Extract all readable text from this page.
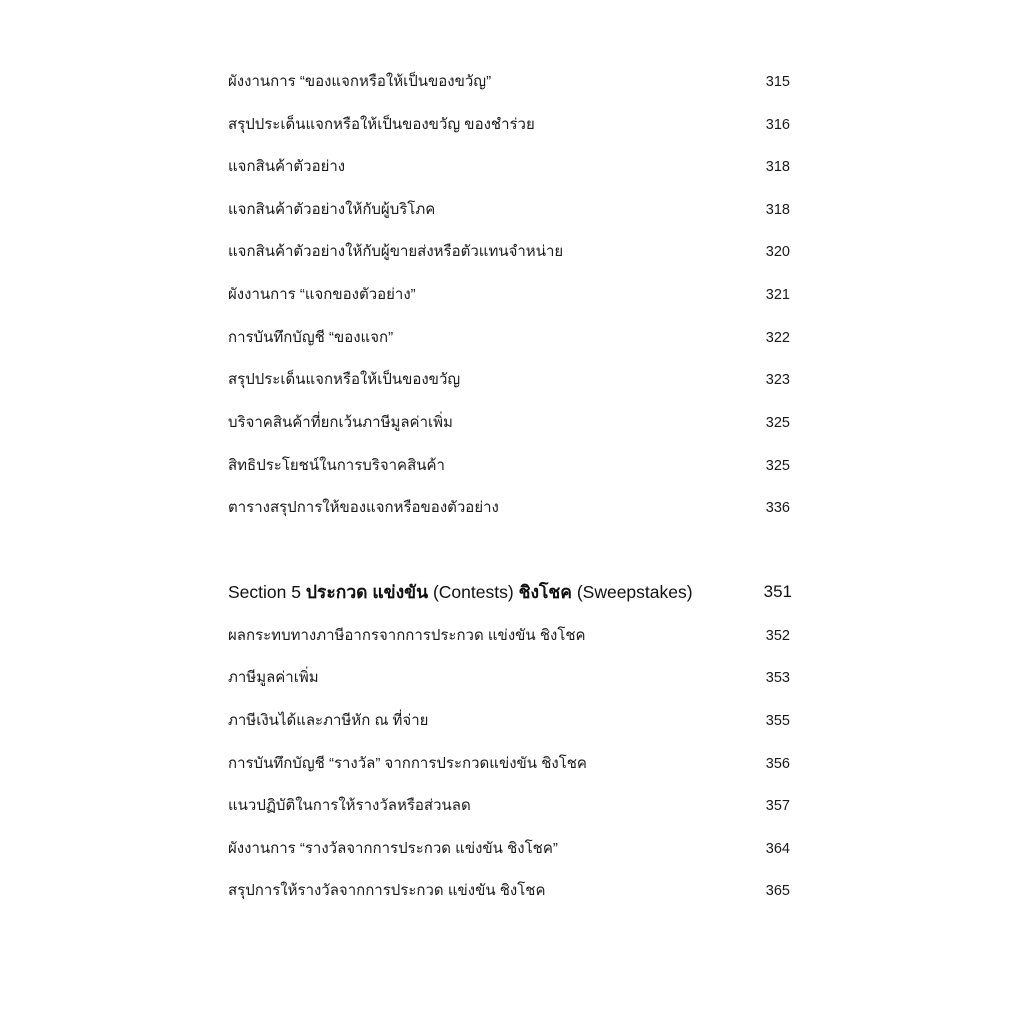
ผังงานการ “ของแจกหรือให้เป็นของขวัญ”	315
สรุปประเด็นแจกหรือให้เป็นของขวัญ ของชำร่วย	316
แจกสินค้าตัวอย่าง	318
แจกสินค้าตัวอย่างให้กับผู้บริโภค	318
แจกสินค้าตัวอย่างให้กับผู้ขายส่งหรือตัวแทนจำหน่าย	320
ผังงานการ “แจกของตัวอย่าง”	321
การบันทึกบัญชี “ของแจก”	322
สรุปประเด็นแจกหรือให้เป็นของขวัญ	323
บริจาคสินค้าที่ยกเว้นภาษีมูลค่าเพิ่ม	325
สิทธิประโยชน์ในการบริจาคสินค้า	325
ตารางสรุปการให้ของแจกหรือของตัวอย่าง	336
Section 5 ประกวด แข่งขัน (Contests) ชิงโชค (Sweepstakes)	351
ผลกระทบทางภาษีอากรจากการประกวด แข่งขัน ชิงโชค	352
ภาษีมูลค่าเพิ่ม	353
ภาษีเงินได้และภาษีหัก ณ ที่จ่าย	355
การบันทึกบัญชี “รางวัล” จากการประกวดแข่งขัน ชิงโชค	356
แนวปฏิบัติในการให้รางวัลหรือส่วนลด	357
ผังงานการ “รางวัลจากการประกวด แข่งขัน ชิงโชค”	364
สรุปการให้รางวัลจากการประกวด แข่งขัน ชิงโชค	365
